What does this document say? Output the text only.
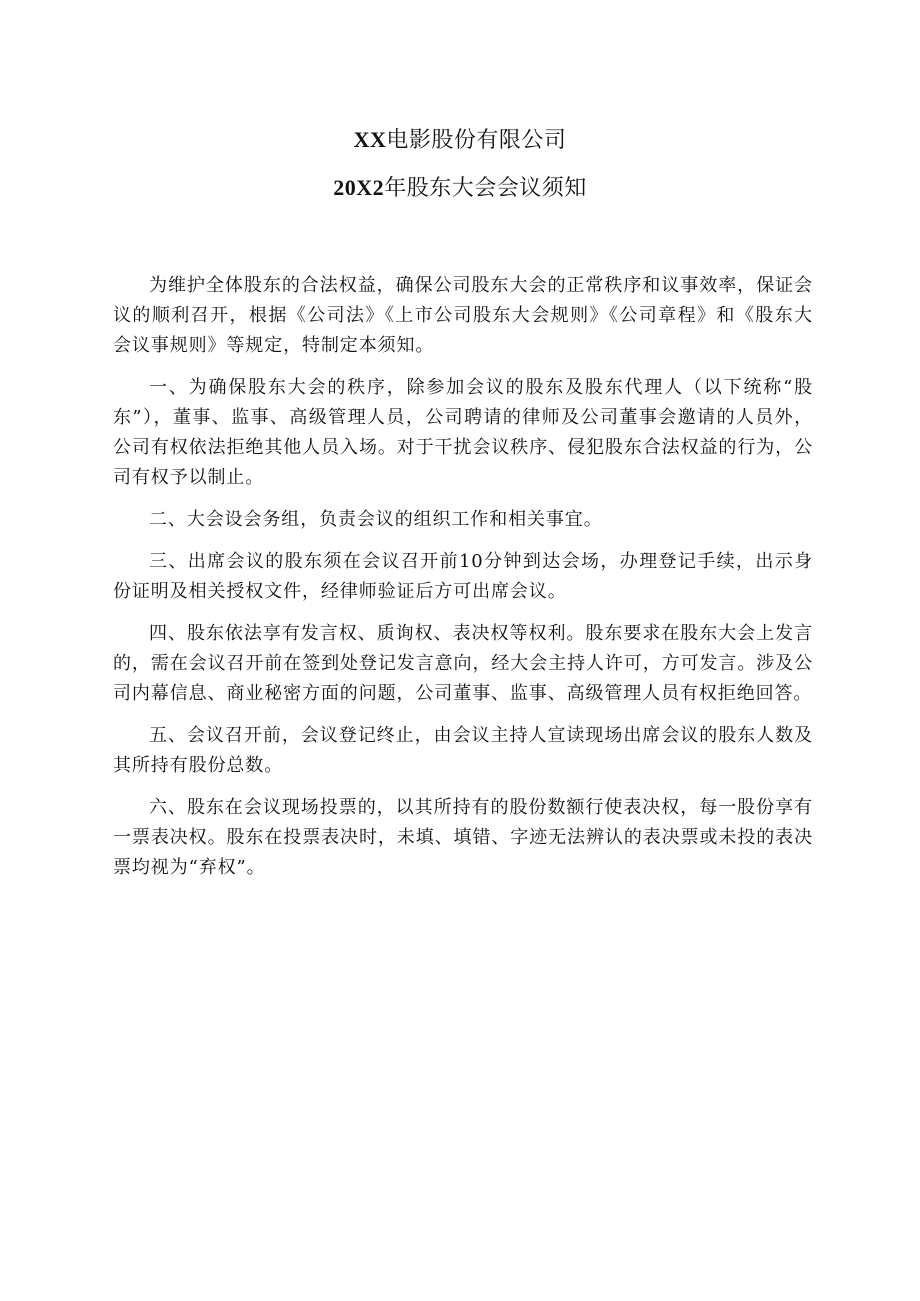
XX电影股份有限公司
20X2年股东大会会议须知

为维护全体股东的合法权益，确保公司股东大会的正常秩序和议事效率，保证会议的顺利召开，根据《公司法》《上市公司股东大会规则》《公司章程》和《股东大会议事规则》等规定，特制定本须知。

一、为确保股东大会的秩序，除参加会议的股东及股东代理人（以下统称“股东”），董事、监事、高级管理人员，公司聘请的律师及公司董事会邀请的人员外，公司有权依法拒绝其他人员入场。对于干扰会议秩序、侵犯股东合法权益的行为，公司有权予以制止。

二、大会设会务组，负责会议的组织工作和相关事宜。

三、出席会议的股东须在会议召开前10分钟到达会场，办理登记手续，出示身份证明及相关授权文件，经律师验证后方可出席会议。

四、股东依法享有发言权、质询权、表决权等权利。股东要求在股东大会上发言的，需在会议召开前在签到处登记发言意向，经大会主持人许可，方可发言。涉及公司内幕信息、商业秘密方面的问题，公司董事、监事、高级管理人员有权拒绝回答。

五、会议召开前，会议登记终止，由会议主持人宣读现场出席会议的股东人数及其所持有股份总数。

六、股东在会议现场投票的，以其所持有的股份数额行使表决权，每一股份享有一票表决权。股东在投票表决时，未填、填错、字迹无法辨认的表决票或未投的表决票均视为“弃权”。
